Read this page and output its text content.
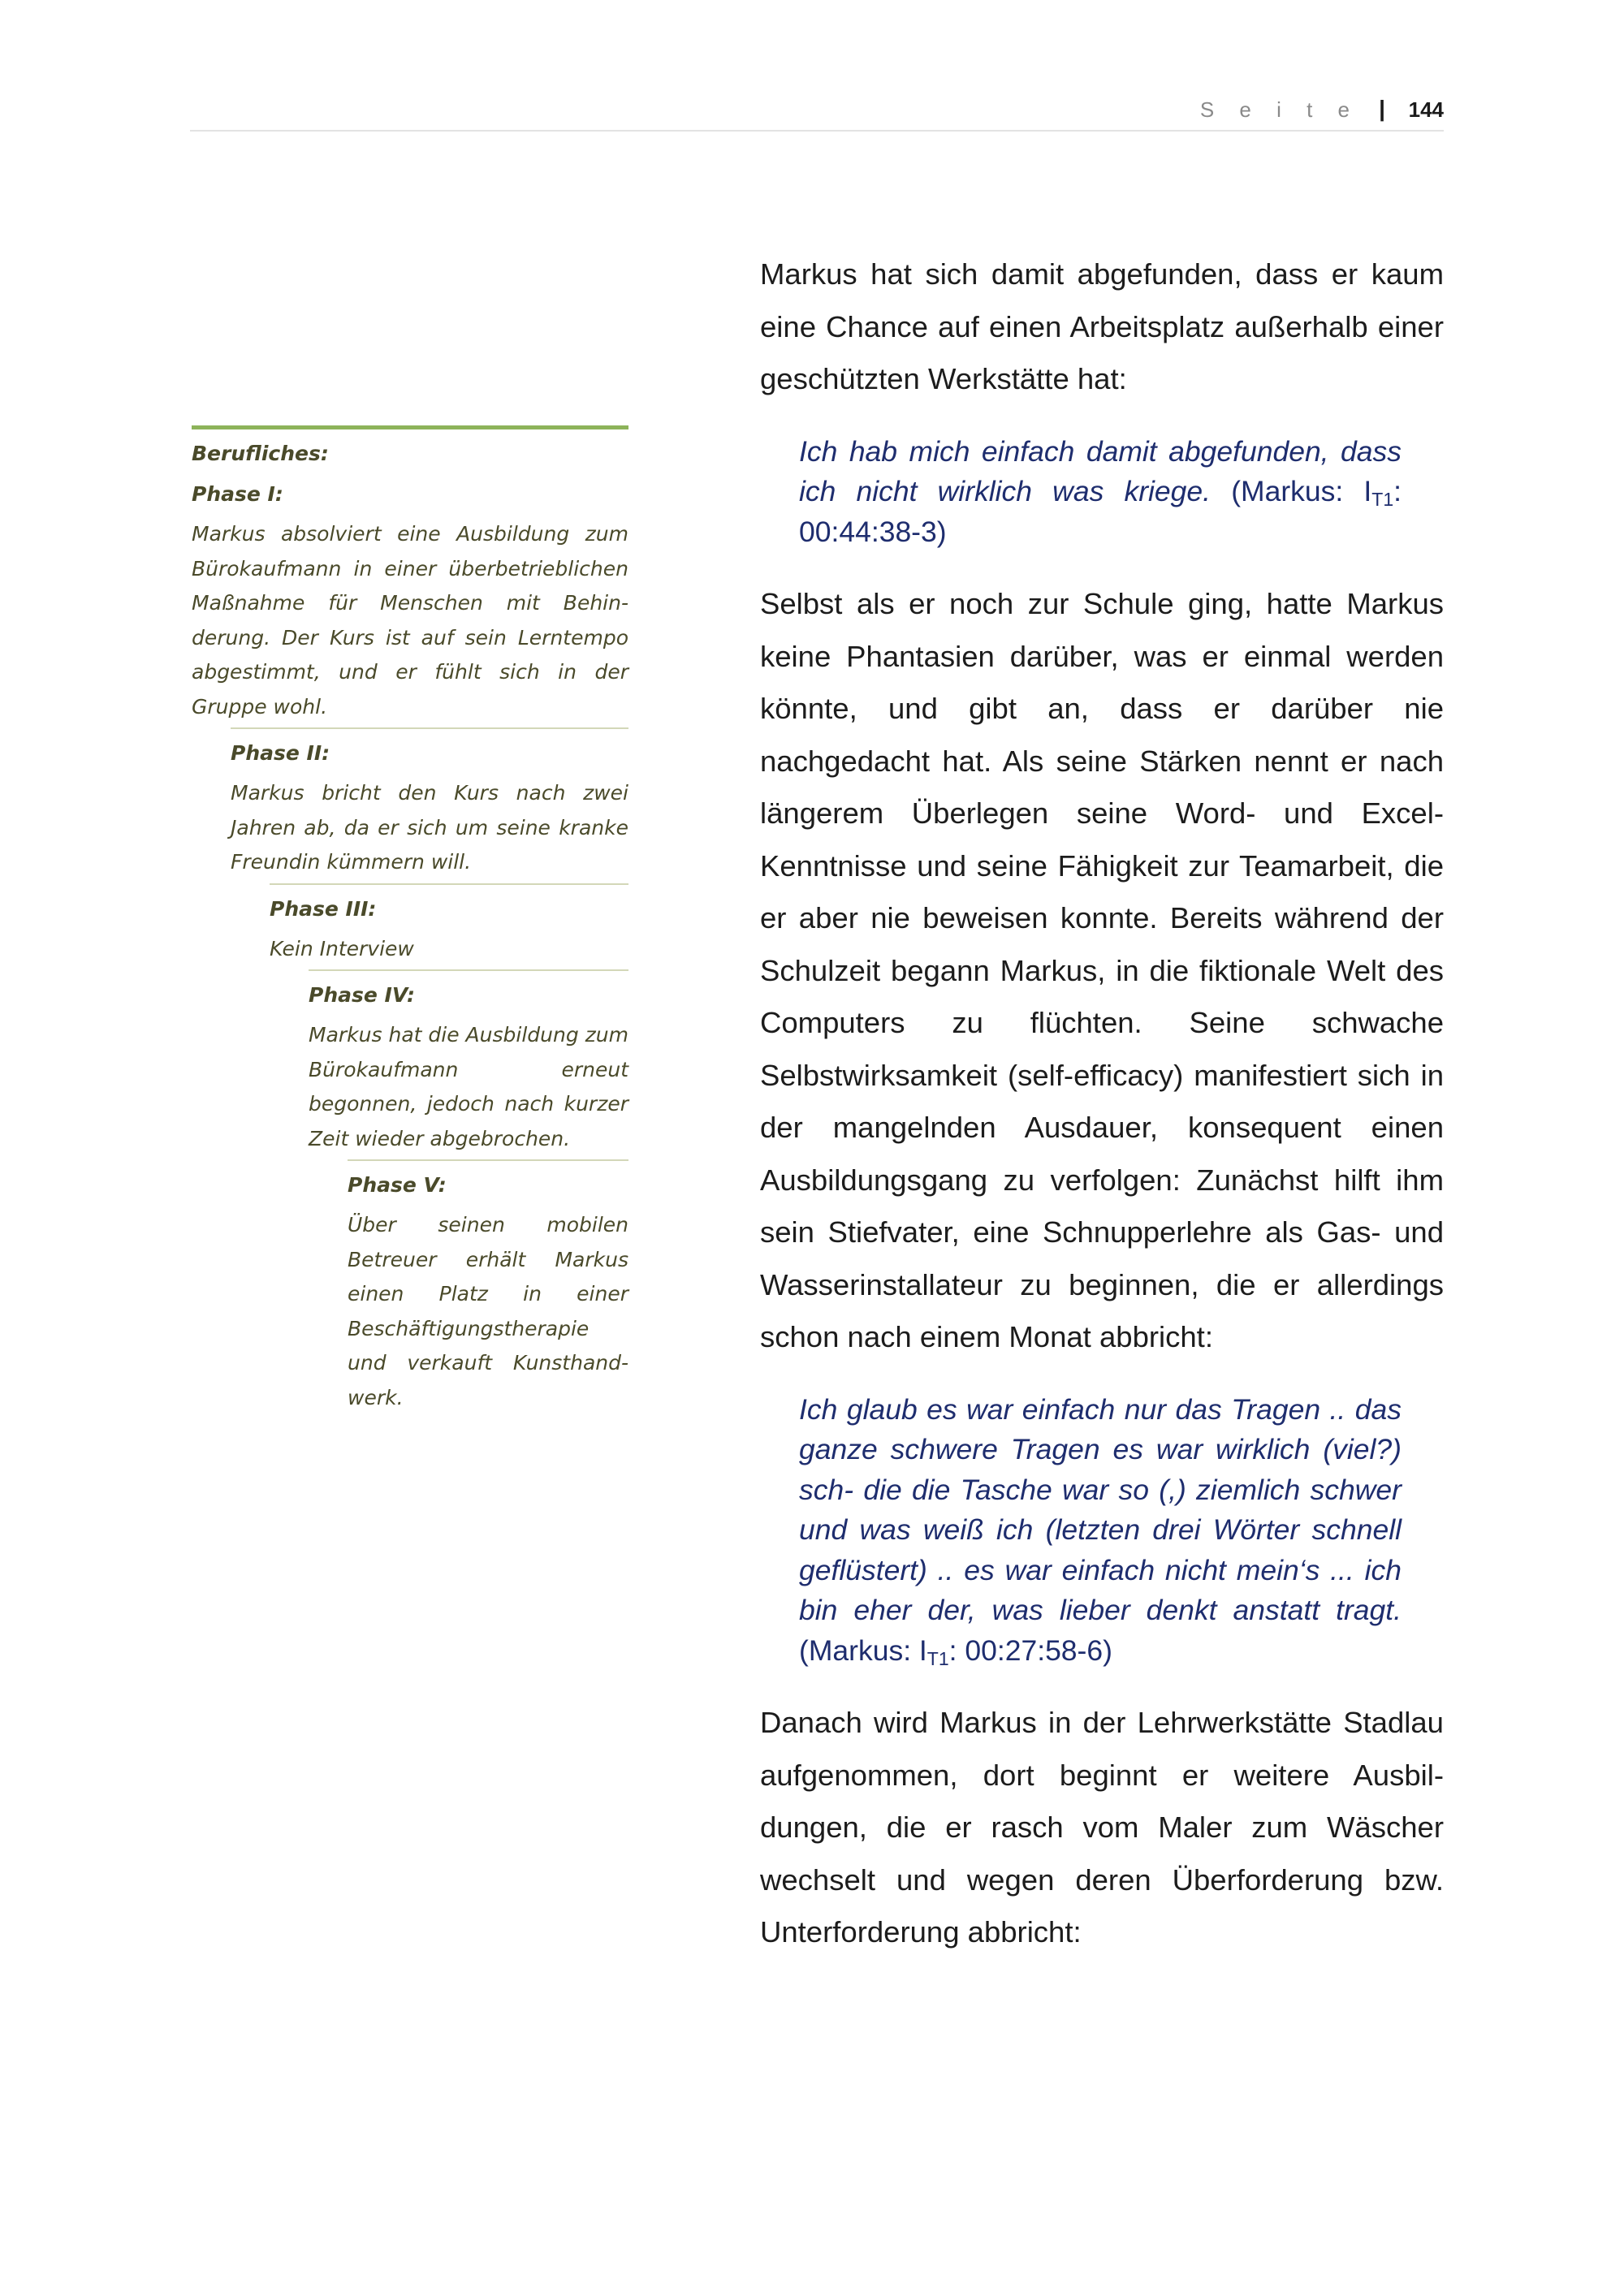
S e i t e | 144
Berufliches:
Phase I:
Markus absolviert eine Ausbildung zum Bürokaufmann in einer überbetrieblichen Maßnahme für Menschen mit Behin-derung. Der Kurs ist auf sein Lerntempo abgestimmt, und er fühlt sich in der Gruppe wohl.
Phase II:
Markus bricht den Kurs nach zwei Jahren ab, da er sich um seine kranke Freundin kümmern will.
Phase III:
Kein Interview
Phase IV:
Markus hat die Ausbildung zum Bürokaufmann erneut begonnen, jedoch nach kurzer Zeit wieder abgebrochen.
Phase V:
Über seinen mobilen Betreuer erhält Markus einen Platz in einer Beschäftigungstherapie und verkauft Kunsthand-werk.

Markus hat sich damit abgefunden, dass er kaum eine Chance auf einen Arbeitsplatz außerhalb einer geschützten Werkstätte hat:

Ich hab mich einfach damit abgefunden, dass ich nicht wirklich was kriege. (Markus: $I_{T1}$: 00:44:38-3)

Selbst als er noch zur Schule ging, hatte Markus keine Phantasien darüber, was er einmal werden könnte, und gibt an, dass er darüber nie nachgedacht hat. Als seine Stärken nennt er nach längerem Überlegen seine Word- und Excel-Kenntnisse und seine Fähigkeit zur Teamarbeit, die er aber nie beweisen konnte. Bereits während der Schulzeit begann Markus, in die fiktionale Welt des Computers zu flüchten. Seine schwache Selbstwirksamkeit (self-efficacy) manifestiert sich in der mangelnden Ausdauer, konsequent einen Ausbildungsgang zu verfolgen: Zunächst hilft ihm sein Stiefvater, eine Schnupperlehre als Gas- und Wasserinstallateur zu beginnen, die er allerdings schon nach einem Monat abbricht:

Ich glaub es war einfach nur das Tragen .. das ganze schwere Tragen es war wirklich (viel?) sch- die die Tasche war so (,) ziemlich schwer und was weiß ich (letzten drei Wörter schnell geflüstert) .. es war einfach nicht mein‘s ... ich bin eher der, was lieber denkt anstatt tragt. (Markus: $I_{T1}$: 00:27:58-6)

Danach wird Markus in der Lehrwerkstätte Stadlau aufgenommen, dort beginnt er weitere Ausbil-dungen, die er rasch vom Maler zum Wäscher wechselt und wegen deren Überforderung bzw. Unterforderung abbricht:
